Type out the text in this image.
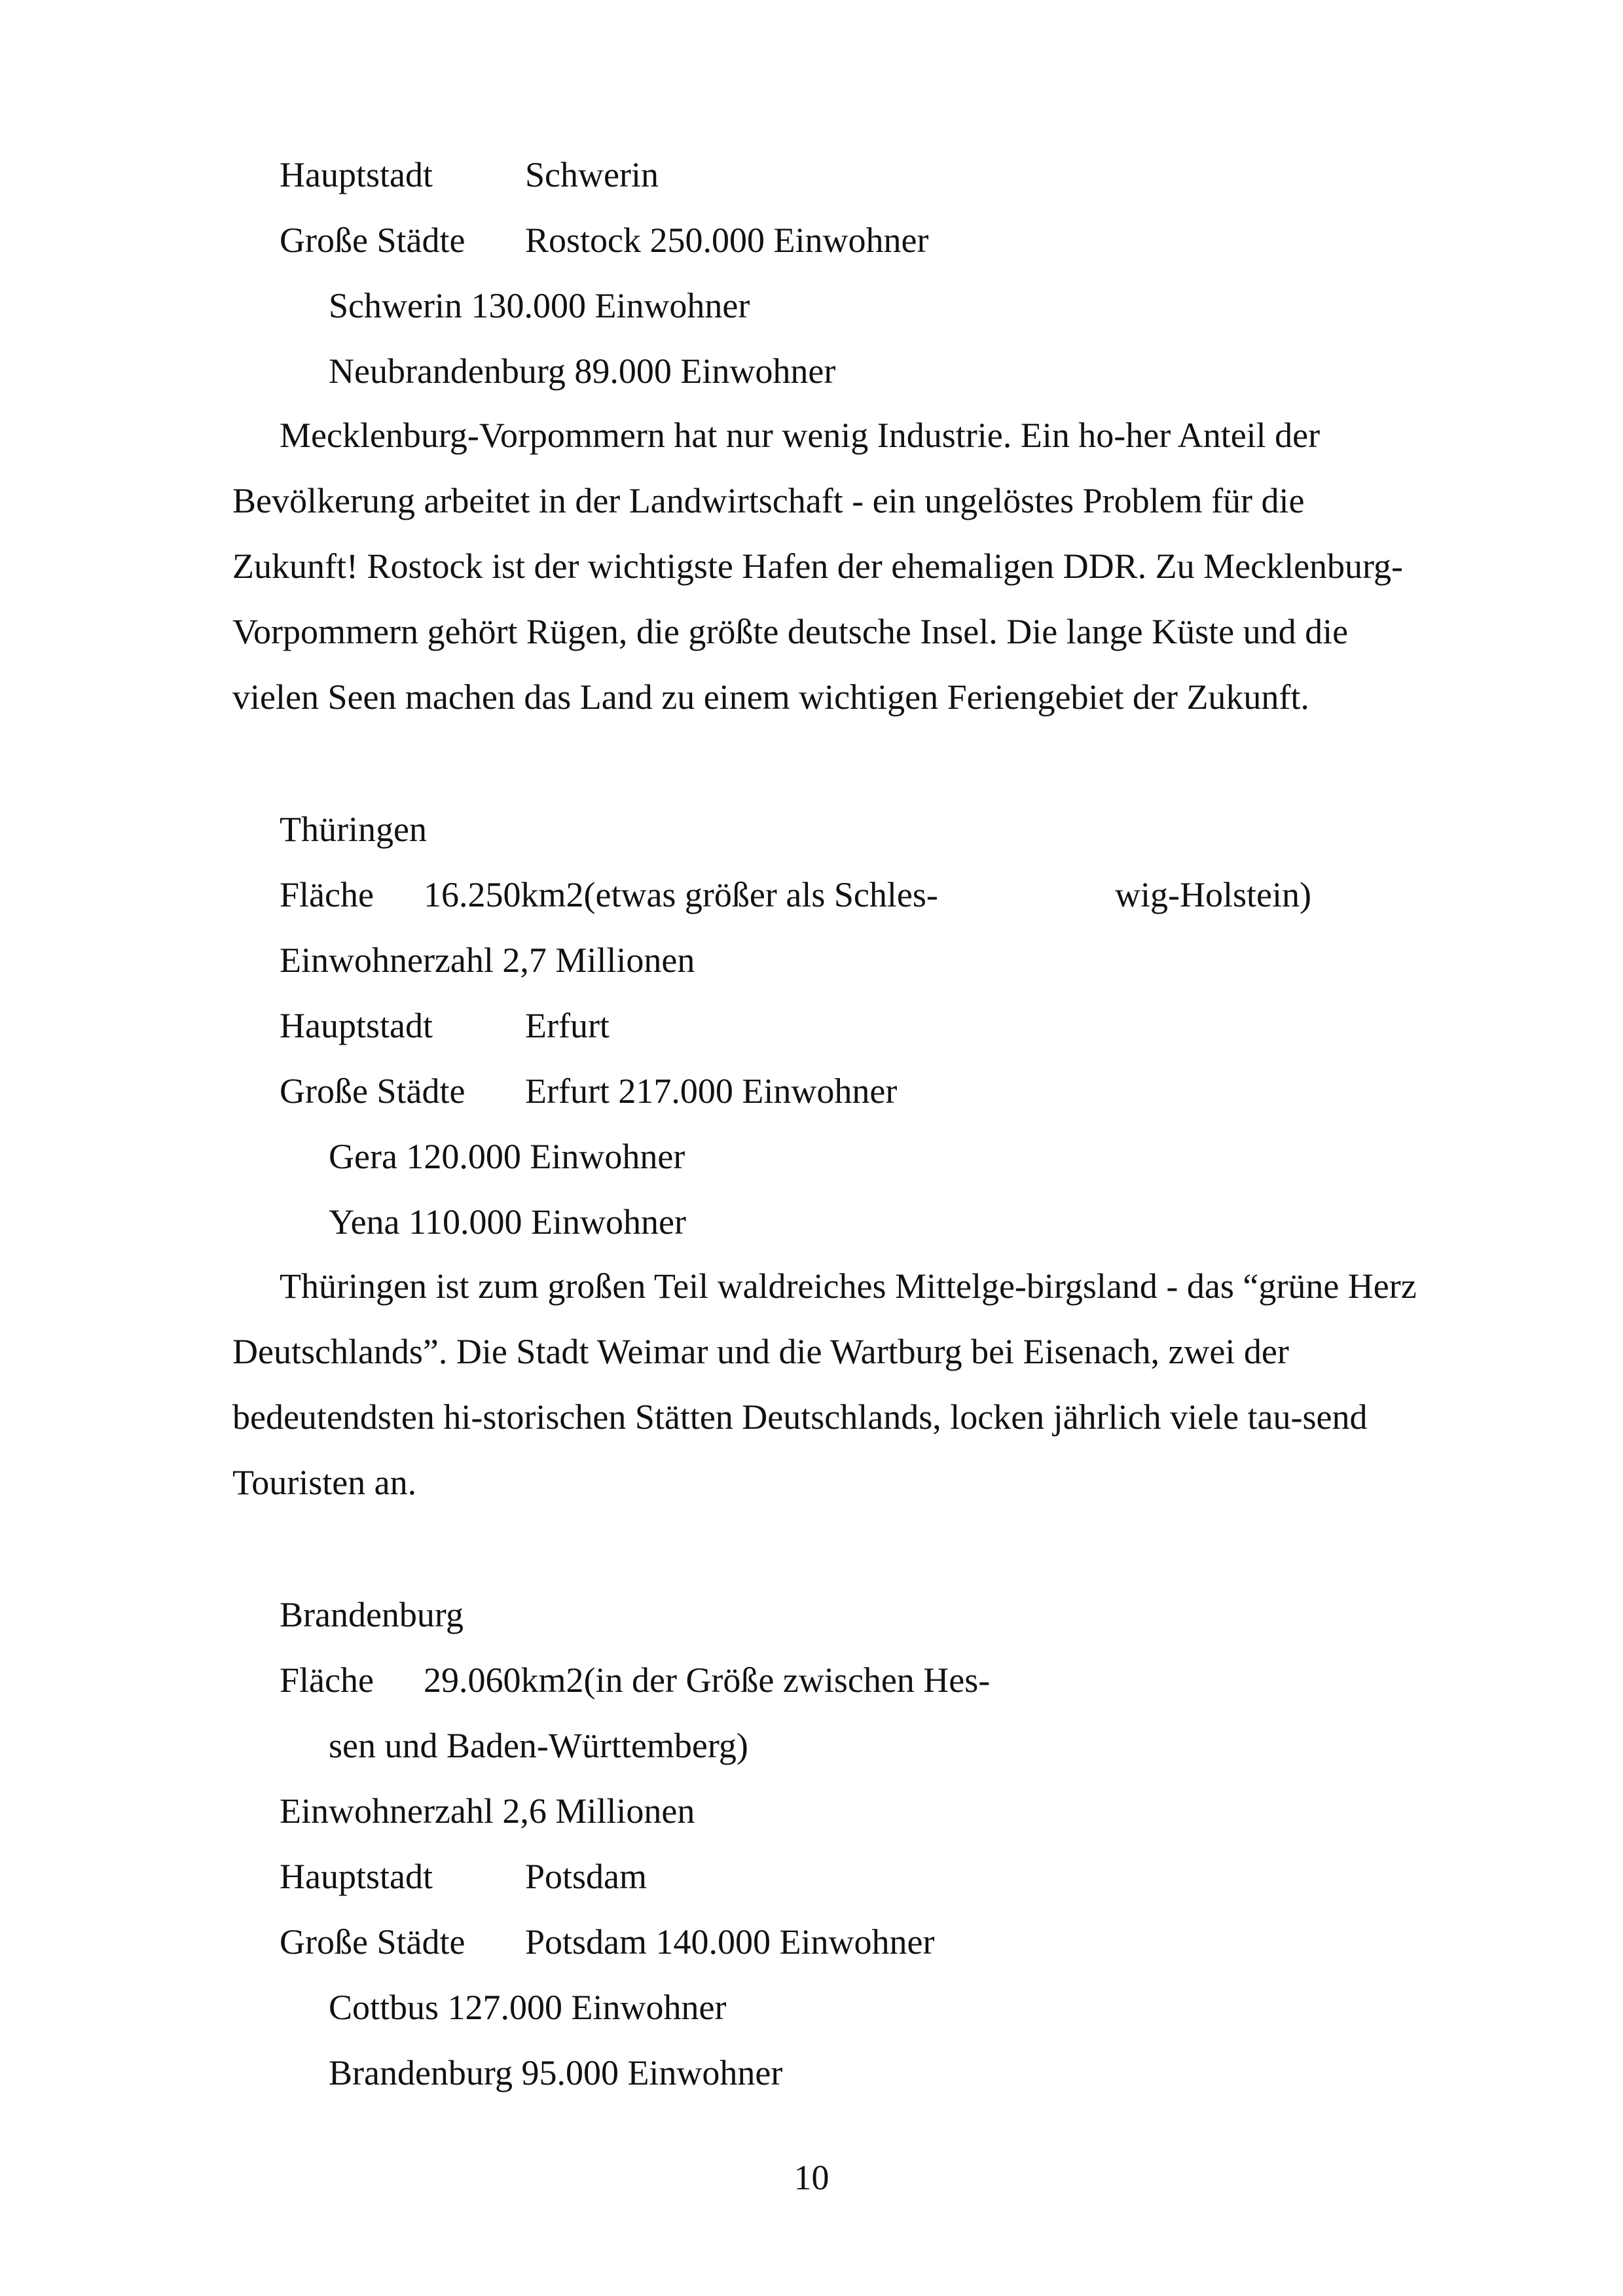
Hauptstadt	Schwerin
Große Städte Rostock 250.000 Einwohner
Schwerin 130.000 Einwohner
Neubrandenburg 89.000 Einwohner
Mecklenburg-Vorpommern hat nur wenig Industrie. Ein ho-her Anteil der
Bevölkerung arbeitet in der Landwirtschaft - ein ungelöstes Problem für die
Zukunft! Rostock ist der wichtigste Hafen der ehemaligen DDR. Zu Mecklenburg-
Vorpommern gehört Rügen, die größte deutsche Insel. Die lange Küste und die
vielen Seen machen das Land zu einem wichtigen Feriengebiet der Zukunft.
Thüringen
Fläche 16.250km2(etwas größer als Schles-	wig-Holstein)
Einwohnerzahl 2,7 Millionen
Hauptstadt	Erfurt
Große Städte Erfurt 217.000 Einwohner
Gera 120.000 Einwohner
Yena 110.000 Einwohner
Thüringen ist zum großen Teil waldreiches Mittelge-birgsland - das “grüne Herz
Deutschlands”. Die Stadt Weimar und die Wartburg bei Eisenach, zwei der
bedeutendsten hi-storischen Stätten Deutschlands, locken jährlich viele tau-send
Touristen an.
Brandenburg
Fläche 29.060km2(in der Größe zwischen Hes-
sen und Baden-Württemberg)
Einwohnerzahl 2,6 Millionen
Hauptstadt	Potsdam
Große Städte Potsdam 140.000 Einwohner
Cottbus 127.000 Einwohner
Brandenburg 95.000 Einwohner
10
